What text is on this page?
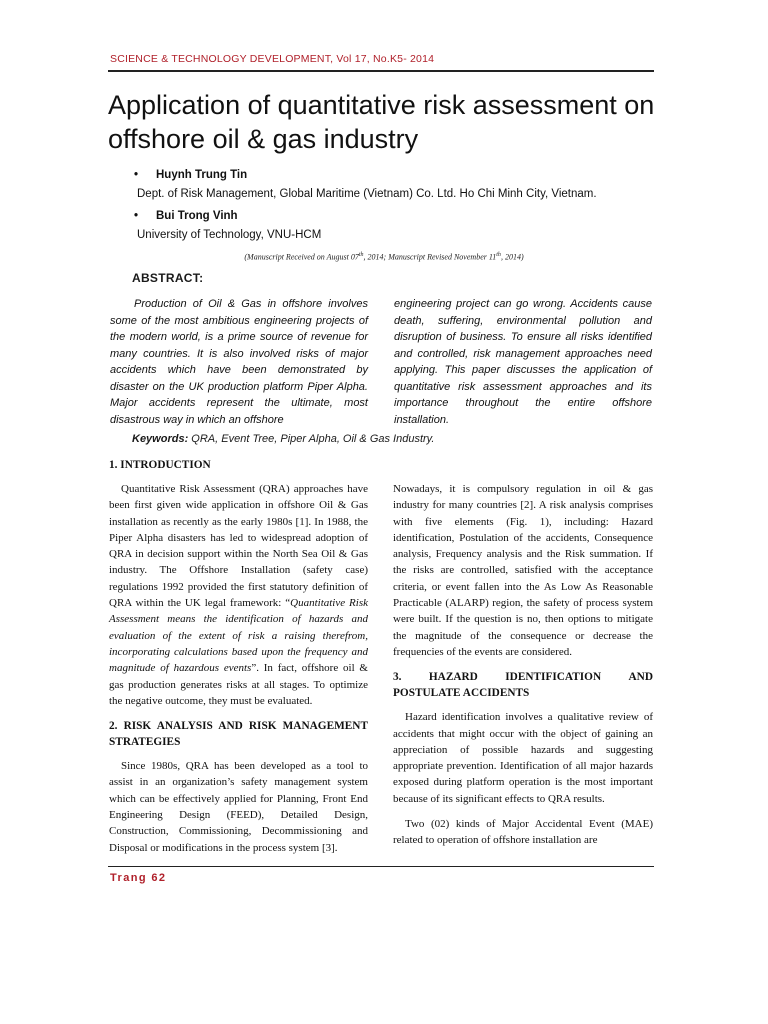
SCIENCE & TECHNOLOGY DEVELOPMENT, Vol 17, No.K5- 2014
Application of quantitative risk assessment on offshore oil & gas industry
• Huynh Trung Tin
Dept. of Risk Management, Global Maritime (Vietnam) Co. Ltd. Ho Chi Minh City, Vietnam.
• Bui Trong Vinh
University of Technology, VNU-HCM
(Manuscript Received on August 07th, 2014; Manuscript Revised November 11th, 2014)
ABSTRACT:
Production of Oil & Gas in offshore involves some of the most ambitious engineering projects of the modern world, is a prime source of revenue for many countries. It is also involved risks of major accidents which have been demonstrated by disaster on the UK production platform Piper Alpha. Major accidents represent the ultimate, most disastrous way in which an offshore
engineering project can go wrong. Accidents cause death, suffering, environmental pollution and disruption of business. To ensure all risks identified and controlled, risk management approaches need applying. This paper discusses the application of quantitative risk assessment approaches and its importance throughout the entire offshore installation.
Keywords: QRA, Event Tree, Piper Alpha, Oil & Gas Industry.
1. INTRODUCTION

Quantitative Risk Assessment (QRA) approaches have been first given wide application in offshore Oil & Gas installation as recently as the early 1980s [1]. In 1988, the Piper Alpha disasters has led to widespread adoption of QRA in decision support within the North Sea Oil & Gas industry. The Offshore Installation (safety case) regulations 1992 provided the first statutory definition of QRA within the UK legal framework: “Quantitative Risk Assessment means the identification of hazards and evaluation of the extent of risk a raising therefrom, incorporating calculations based upon the frequency and magnitude of hazardous events”. In fact, offshore oil & gas production generates risks at all stages. To optimize the negative outcome, they must be evaluated.

2. RISK ANALYSIS AND RISK MANAGEMENT STRATEGIES

Since 1980s, QRA has been developed as a tool to assist in an organization’s safety management system which can be effectively applied for Planning, Front End Engineering Design (FEED), Detailed Design, Construction, Commissioning, Decommissioning and Disposal or modifications in the process system [3].

Nowadays, it is compulsory regulation in oil & gas industry for many countries [2]. A risk analysis comprises with five elements (Fig. 1), including: Hazard identification, Postulation of the accidents, Consequence analysis, Frequency analysis and the Risk summation. If the risks are controlled, satisfied with the acceptance criteria, or event fallen into the As Low As Reasonable Practicable (ALARP) region, the safety of process system were built. If the question is no, then options to mitigate the magnitude of the consequence or decrease the frequencies of the events are considered.

3. HAZARD IDENTIFICATION AND
POSTULATE ACCIDENTS

Hazard identification involves a qualitative review of accidents that might occur with the object of gaining an appreciation of possible hazards and suggesting appropriate prevention. Identification of all major hazards exposed during platform operation is the most important because of its significant effects to QRA results.

Two (02) kinds of Major Accidental Event (MAE) related to operation of offshore installation are

Trang 62
